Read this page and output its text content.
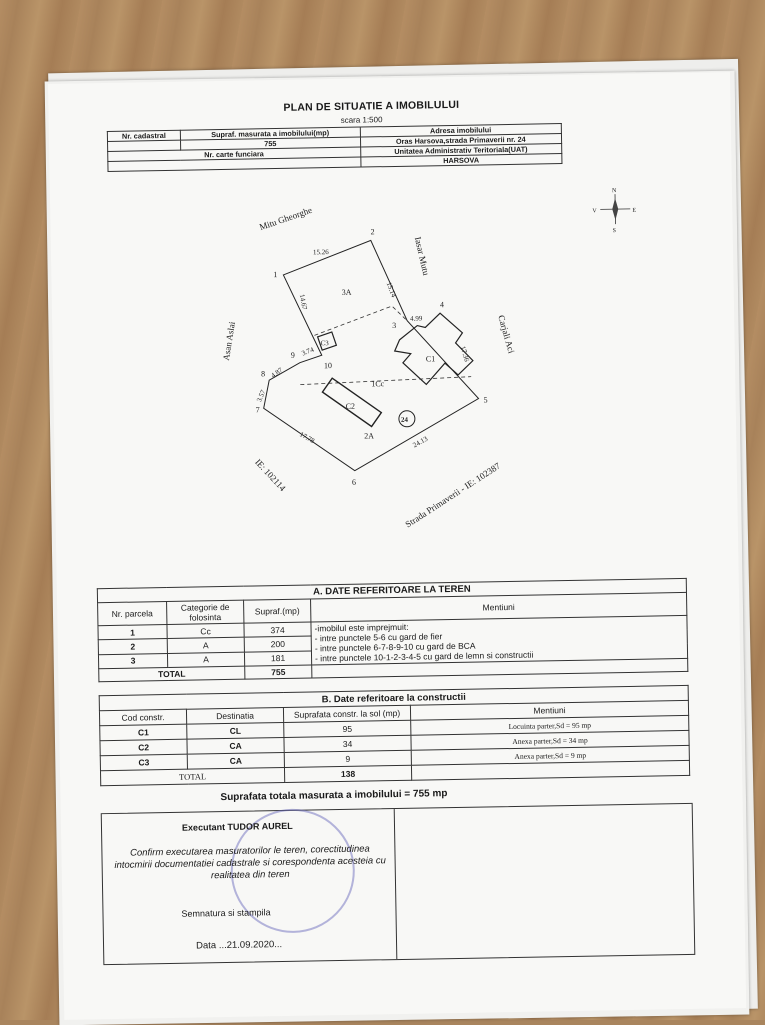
PLAN DE SITUATIE A IMOBILULUI
scara 1:500
Nr. cadastral	Supraf. masurata a imobilului(mp)	Adresa imobilului
	755	Oras Harsova,strada Primaverii nr. 24
Nr. carte funciara		Unitatea Administrativ Teritoriala(UAT)
		HARSOVA
N
S
E
V
24
1
2
3
4
5
6
7
8
9
10
15.26
15.14
4.99
17.36
24.13
17.78
3.57
4.87
3.74
14.67
3A
1Cc
2A
C1
C2
C3
Mitu Gheorghe
Asan Aslai
Iasar Mutu
Carjali Aci
IE: 102114	Strada Primaverii - IE: 102387
A. DATE REFERITOARE LA TEREN			
Nr. parcela	Categorie de folosinta	Supraf.(mp)	Mentiuni
1	Cc	374	-imobilul este imprejmuit:
- intre punctele 5-6 cu gard de fier
- intre punctele 6-7-8-9-10 cu gard de BCA
- intre punctele 10-1-2-3-4-5 cu gard de lemn si constructii

2	A	200	
3	A	181	
TOTAL		755	
B. Date referitoare la constructii			
Cod constr.	Destinatia	Suprafata constr. la sol (mp)	Mentiuni
C1	CL	95	Locuinta parter,Sd = 95 mp
C2	CA	34	Anexa parter,Sd = 34 mp
C3	CA	9	Anexa parter,Sd = 9 mp
TOTAL		138	
Suprafata totala masurata a imobilului = 755 mp
Executant TUDOR AUREL
Confirm executarea masuratorilor le teren, corectitudinea intocmirii documentatiei cadastrale si corespondenta acesteia cu realitatea din teren
Semnatura si stampila
Data ...21.09.2020...
